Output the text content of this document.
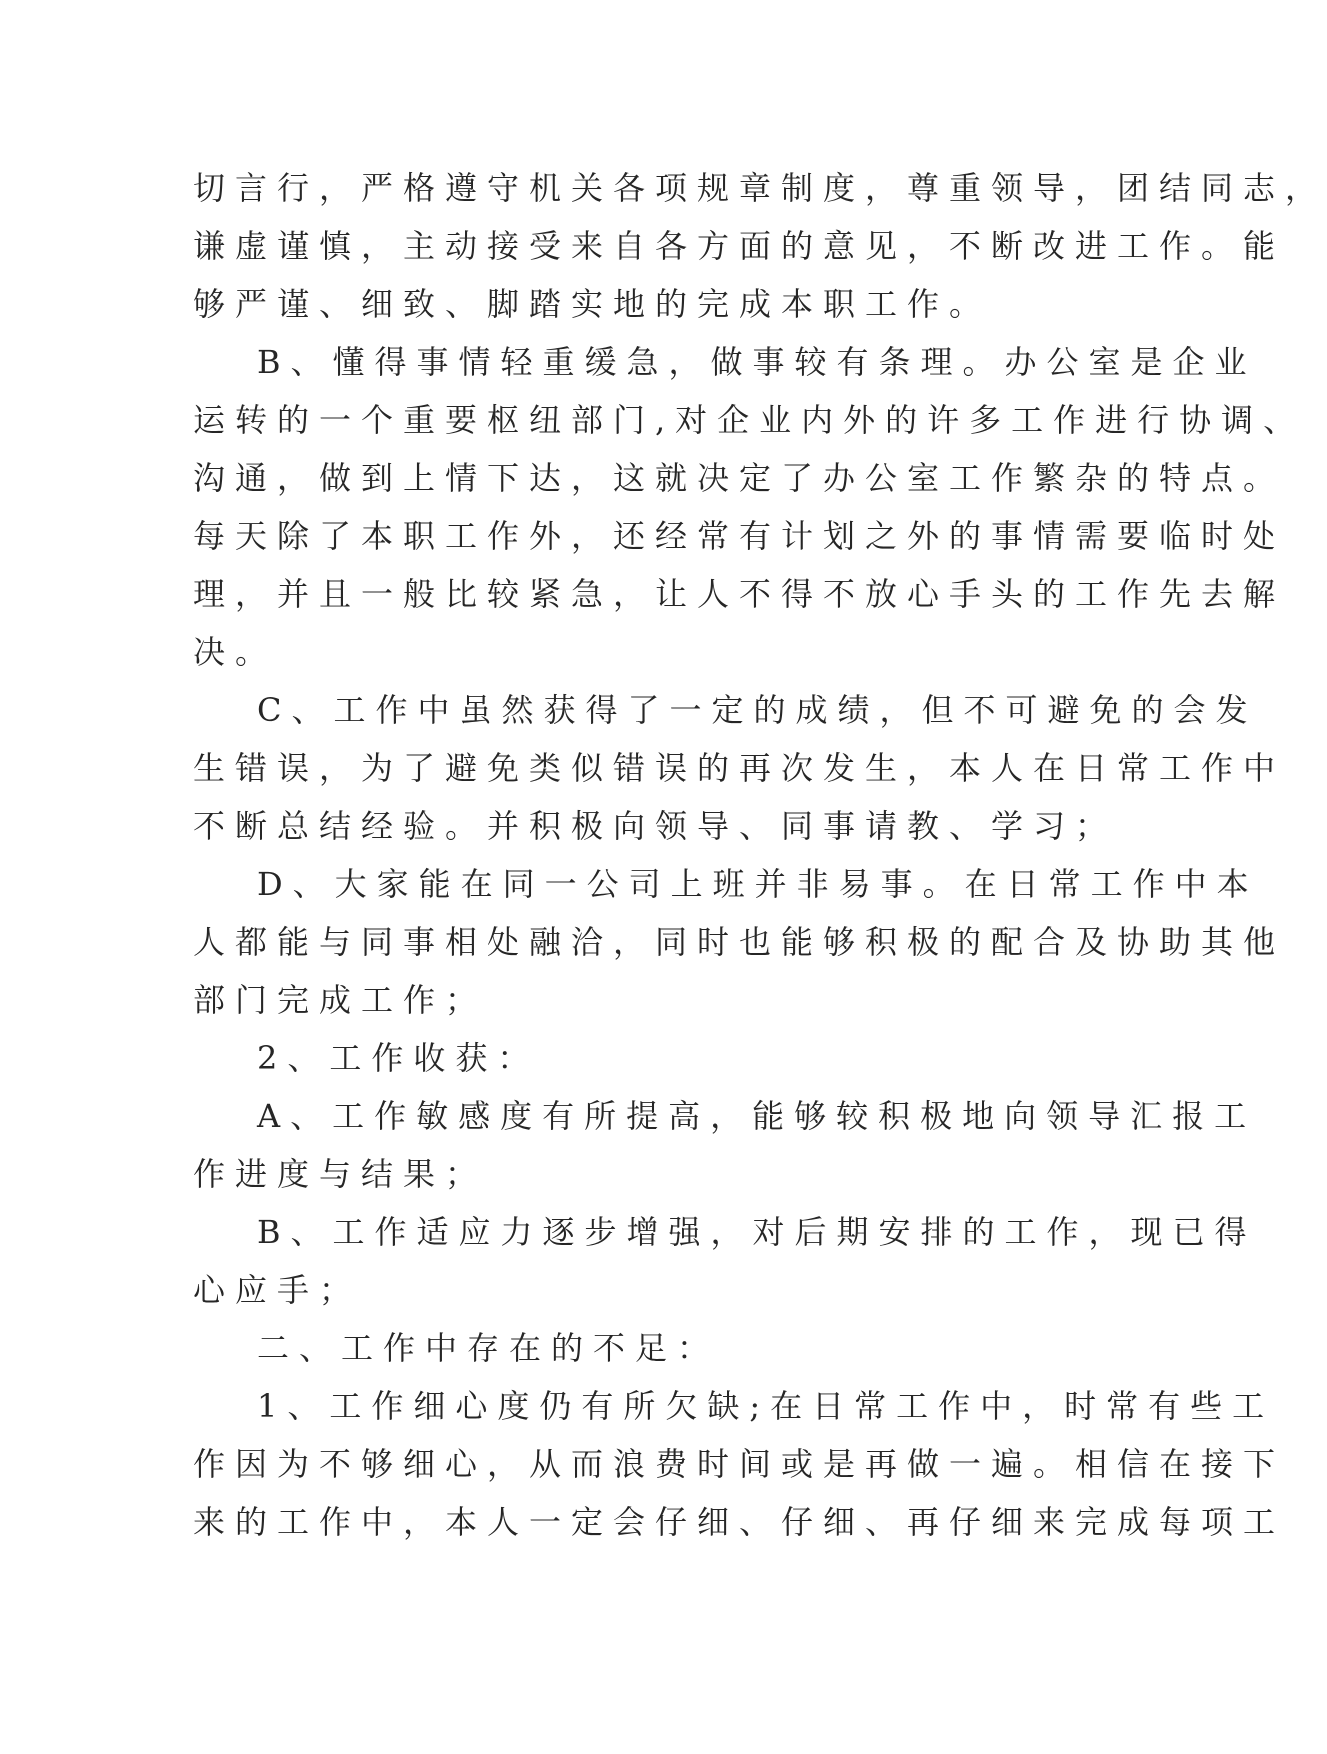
切言行，严格遵守机关各项规章制度，尊重领导，团结同志，
谦虚谨慎，主动接受来自各方面的意见，不断改进工作。能
够严谨、细致、脚踏实地的完成本职工作。
B、懂得事情轻重缓急，做事较有条理。办公室是企业
运转的一个重要枢纽部门,对企业内外的许多工作进行协调、
沟通，做到上情下达，这就决定了办公室工作繁杂的特点。
每天除了本职工作外，还经常有计划之外的事情需要临时处
理，并且一般比较紧急，让人不得不放心手头的工作先去解
决。
C、工作中虽然获得了一定的成绩，但不可避免的会发
生错误，为了避免类似错误的再次发生，本人在日常工作中
不断总结经验。并积极向领导、同事请教、学习；
D、大家能在同一公司上班并非易事。在日常工作中本
人都能与同事相处融洽，同时也能够积极的配合及协助其他
部门完成工作；
2、工作收获：
A、工作敏感度有所提高，能够较积极地向领导汇报工
作进度与结果；
B、工作适应力逐步增强，对后期安排的工作，现已得
心应手；
二、工作中存在的不足：
1、工作细心度仍有所欠缺;在日常工作中，时常有些工
作因为不够细心，从而浪费时间或是再做一遍。相信在接下
来的工作中，本人一定会仔细、仔细、再仔细来完成每项工
